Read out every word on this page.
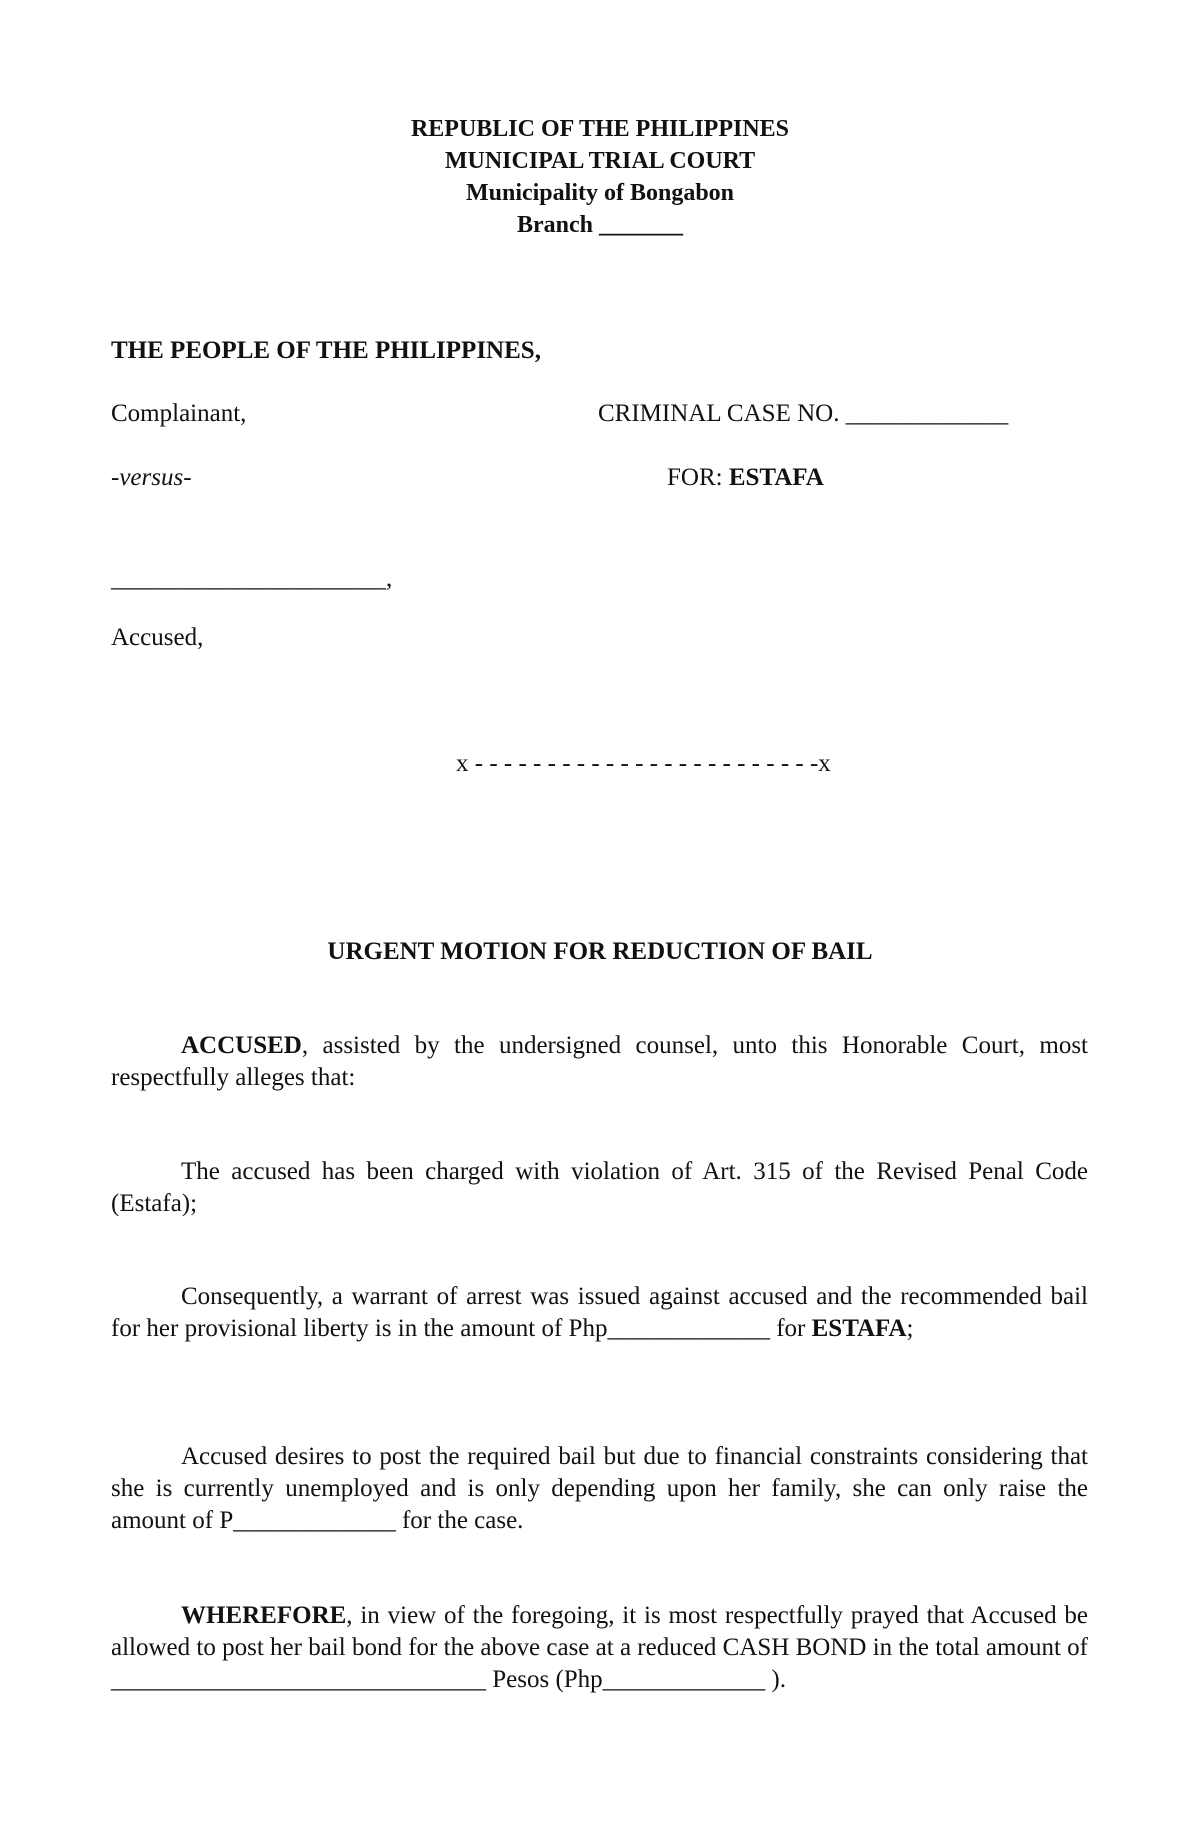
REPUBLIC OF THE PHILIPPINES
MUNICIPAL TRIAL COURT
Municipality of Bongabon
Branch _______
THE PEOPLE OF THE PHILIPPINES,
Complainant,	CRIMINAL CASE NO. _____________
-versus-	FOR: ESTAFA
______________________,
Accused,
x - - - - - - - - - - - - - - - - - - - - - - - -x
URGENT MOTION FOR REDUCTION OF BAIL
ACCUSED, assisted by the undersigned counsel, unto this Honorable Court, most respectfully alleges that:
The accused has been charged with violation of Art. 315 of the Revised Penal Code (Estafa);
Consequently, a warrant of arrest was issued against accused and the recommended bail for her provisional liberty is in the amount of Php_____________ for ESTAFA;
Accused desires to post the required bail but due to financial constraints considering that she is currently unemployed and is only depending upon her family, she can only raise the amount of P_____________ for the case.
WHEREFORE, in view of the foregoing, it is most respectfully prayed that Accused be allowed to post her bail bond for the above case at a reduced CASH BOND in the total amount of ______________________________ Pesos (Php_____________ ).
